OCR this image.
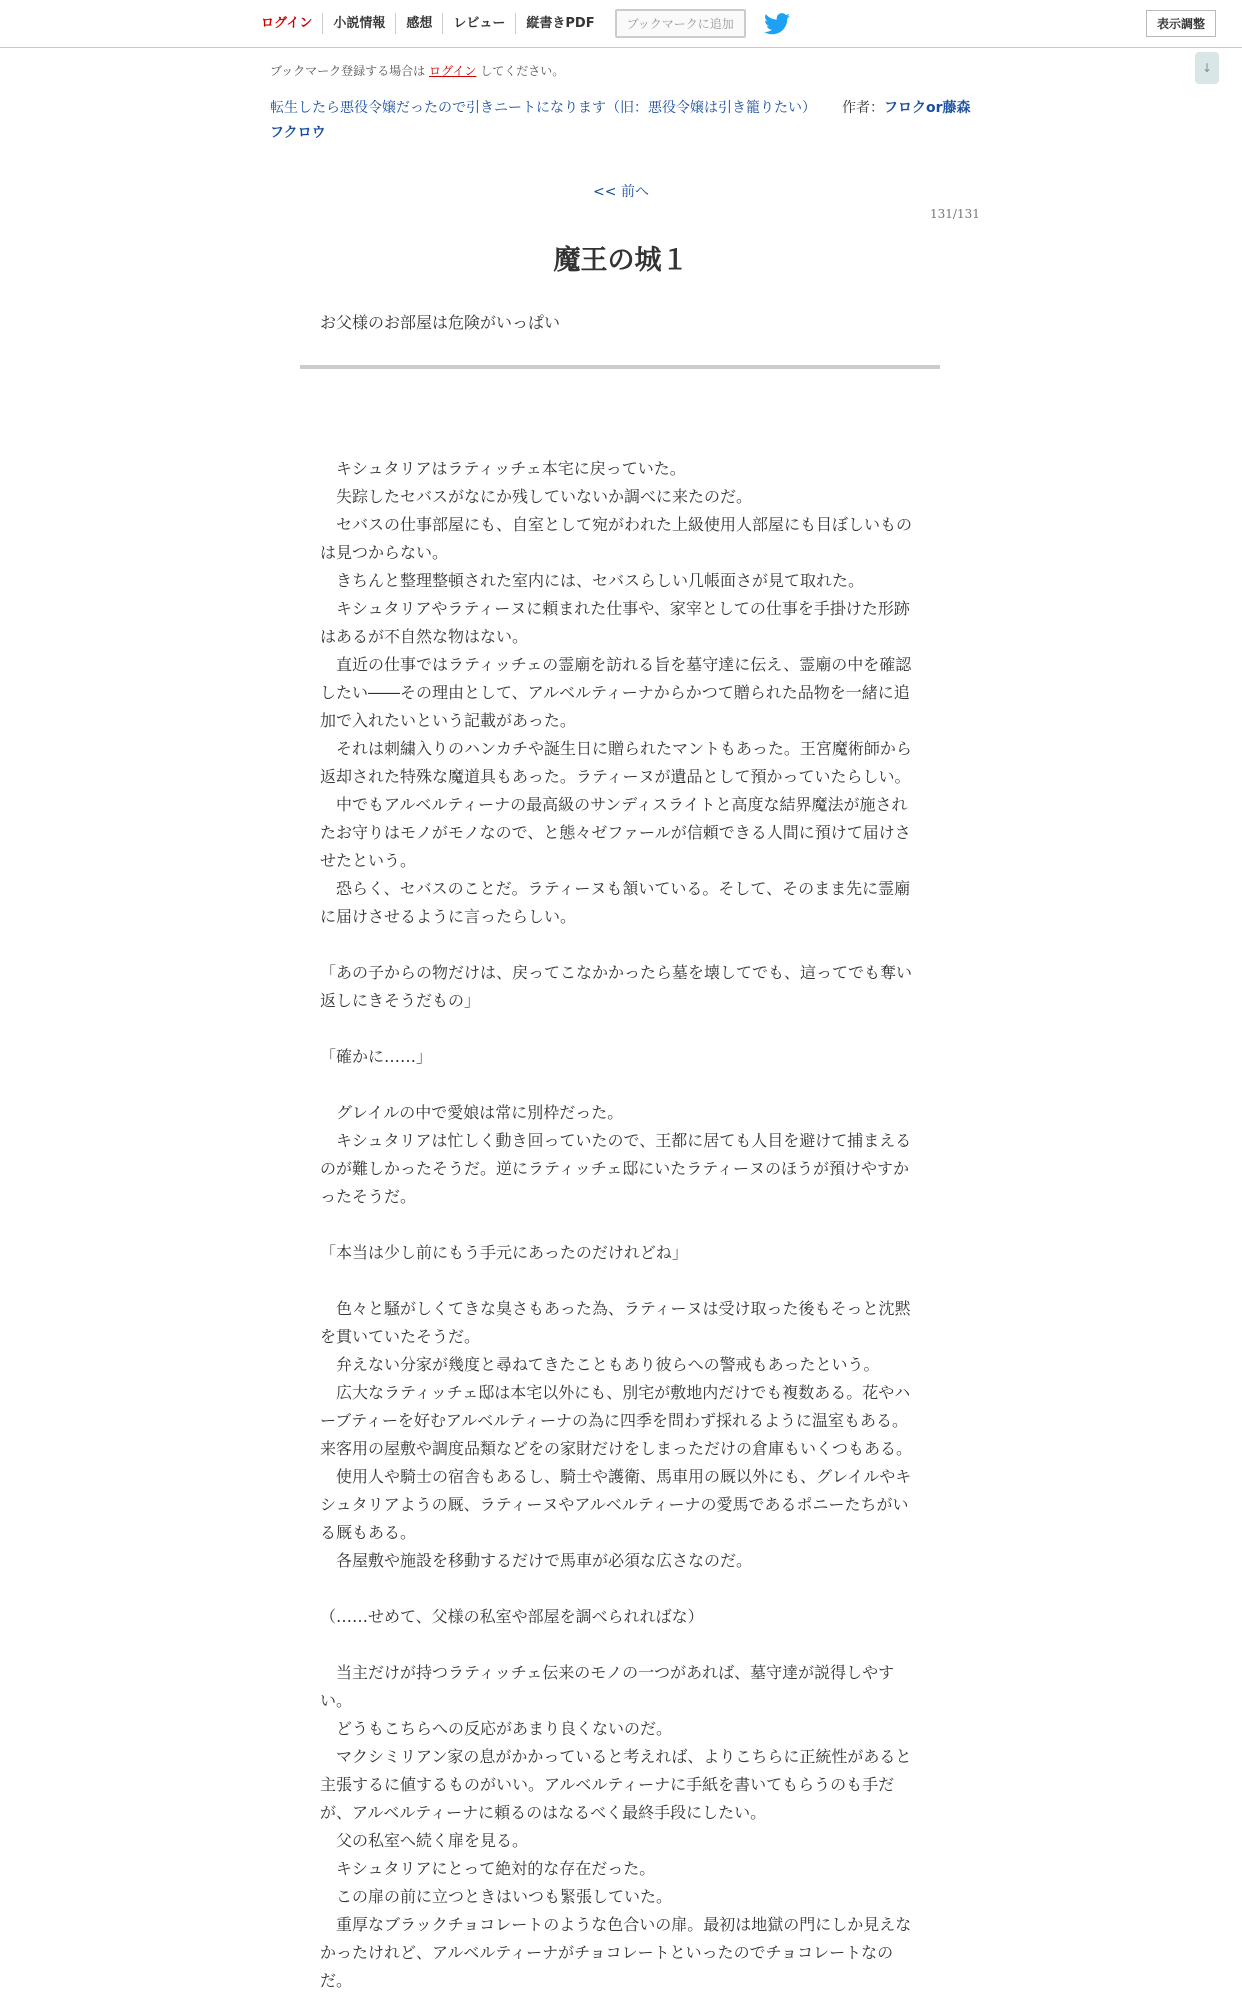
ログイン	小説情報	感想	レビュー	縦書きPDF	ブックマークに追加	表示調整
↓
ブックマーク登録する場合は ログイン してください。
転生したら悪役令嬢だったので引きニートになります（旧：悪役令嬢は引き籠りたい） 作者：フロクor藤森フクロウ
<< 前へ
131/131
魔王の城１
お父様のお部屋は危険がいっぱい

　キシュタリアはラティッチェ本宅に戻っていた。

　失踪したセバスがなにか残していないか調べに来たのだ。

　セバスの仕事部屋にも、自室として宛がわれた上級使用人部屋にも目ぼしいものは見つからない。

　きちんと整理整頓された室内には、セバスらしい几帳面さが見て取れた。

　キシュタリアやラティーヌに頼まれた仕事や、家宰としての仕事を手掛けた形跡はあるが不自然な物はない。

　直近の仕事ではラティッチェの霊廟を訪れる旨を墓守達に伝え、霊廟の中を確認したい――その理由として、アルベルティーナからかつて贈られた品物を一緒に追加で入れたいという記載があった。

　それは刺繍入りのハンカチや誕生日に贈られたマントもあった。王宮魔術師から返却された特殊な魔道具もあった。ラティーヌが遺品として預かっていたらしい。

　中でもアルベルティーナの最高級のサンディスライトと高度な結界魔法が施されたお守りはモノがモノなので、と態々ゼファールが信頼できる人間に預けて届けさせたという。

　恐らく、セバスのことだ。ラティーヌも頷いている。そして、そのまま先に霊廟に届けさせるように言ったらしい。

「あの子からの物だけは、戻ってこなかかったら墓を壊してでも、這ってでも奪い返しにきそうだもの」

「確かに……」

　グレイルの中で愛娘は常に別枠だった。

　キシュタリアは忙しく動き回っていたので、王都に居ても人目を避けて捕まえるのが難しかったそうだ。逆にラティッチェ邸にいたラティーヌのほうが預けやすかったそうだ。

「本当は少し前にもう手元にあったのだけれどね」

　色々と騒がしくてきな臭さもあった為、ラティーヌは受け取った後もそっと沈黙を貫いていたそうだ。

　弁えない分家が幾度と尋ねてきたこともあり彼らへの警戒もあったという。

　広大なラティッチェ邸は本宅以外にも、別宅が敷地内だけでも複数ある。花やハーブティーを好むアルベルティーナの為に四季を問わず採れるように温室もある。来客用の屋敷や調度品類などをの家財だけをしまっただけの倉庫もいくつもある。

　使用人や騎士の宿舎もあるし、騎士や護衛、馬車用の厩以外にも、グレイルやキシュタリアようの厩、ラティーヌやアルベルティーナの愛馬であるポニーたちがいる厩もある。

　各屋敷や施設を移動するだけで馬車が必須な広さなのだ。

（……せめて、父様の私室や部屋を調べられればな）

　当主だけが持つラティッチェ伝来のモノの一つがあれば、墓守達が説得しやすい。

　どうもこちらへの反応があまり良くないのだ。

　マクシミリアン家の息がかかっていると考えれば、よりこちらに正統性があると主張するに値するものがいい。アルベルティーナに手紙を書いてもらうのも手だが、アルベルティーナに頼るのはなるべく最終手段にしたい。

　父の私室へ続く扉を見る。

　キシュタリアにとって絶対的な存在だった。

　この扉の前に立つときはいつも緊張していた。

　重厚なブラックチョコレートのような色合いの扉。最初は地獄の門にしか見えなかったけれど、アルベルティーナがチョコレートといったのでチョコレートなのだ。
